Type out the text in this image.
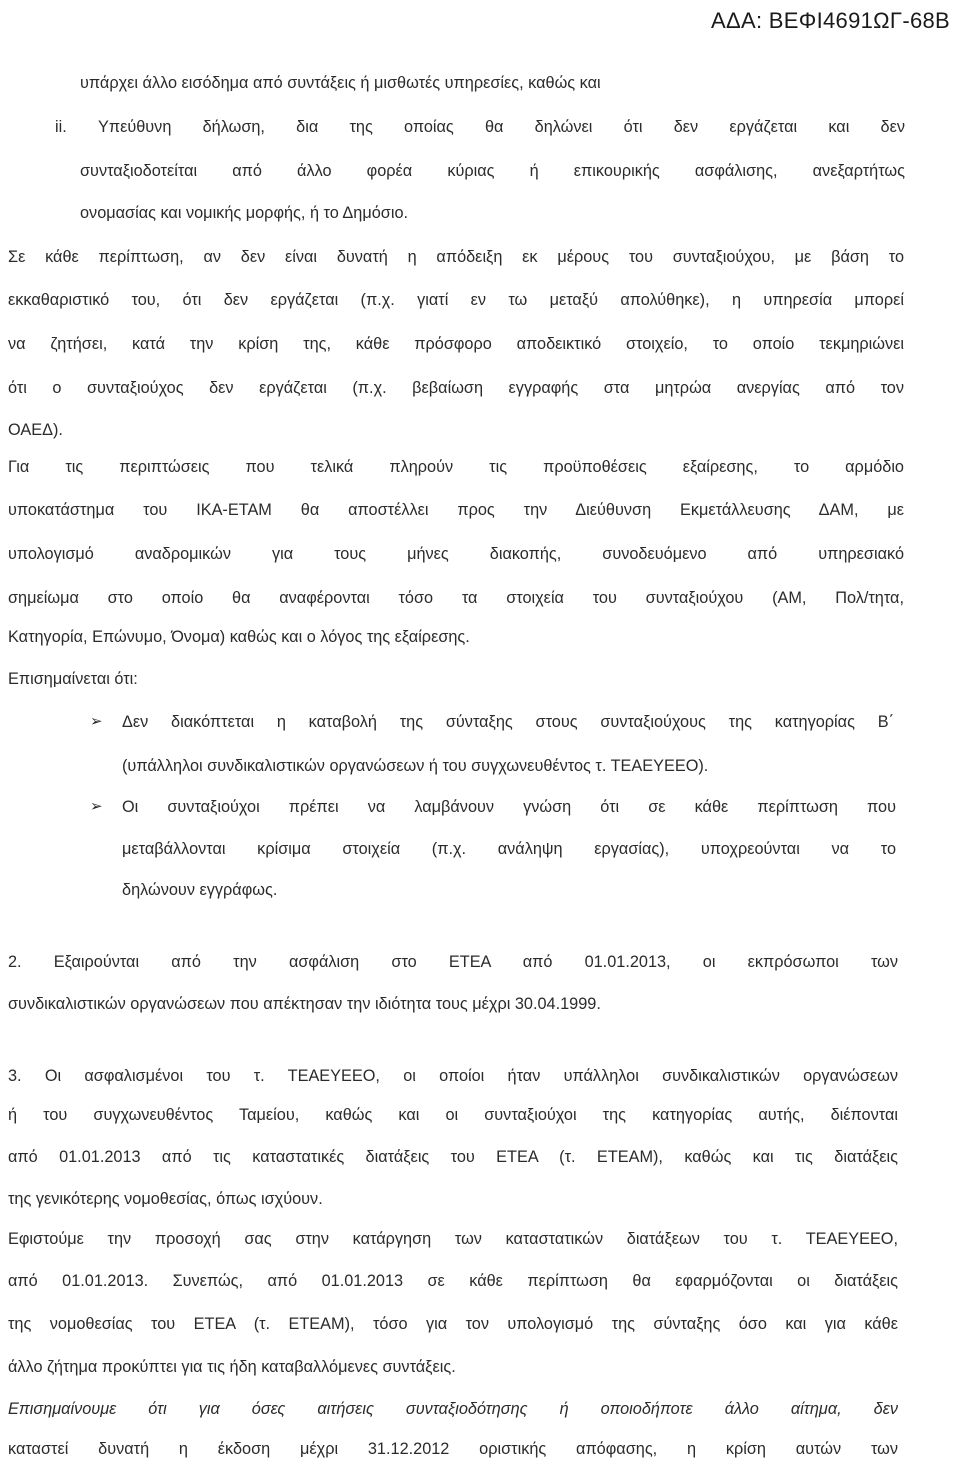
ΑΔΑ: ΒΕΦΙ4691ΩΓ-68Β
υπάρχει άλλο εισόδημα από συντάξεις ή μισθωτές υπηρεσίες, καθώς και
ii. Υπεύθυνη δήλωση, δια της οποίας θα δηλώνει ότι δεν εργάζεται και δεν
συνταξιοδοτείται από άλλο φορέα κύριας ή επικουρικής ασφάλισης, ανεξαρτήτως
ονομασίας και νομικής μορφής, ή το Δημόσιο.
Σε κάθε περίπτωση, αν δεν είναι δυνατή η απόδειξη εκ μέρους του συνταξιούχου, με βάση το
εκκαθαριστικό του, ότι δεν εργάζεται (π.χ. γιατί εν τω μεταξύ απολύθηκε), η υπηρεσία μπορεί
να ζητήσει, κατά την κρίση της, κάθε πρόσφορο αποδεικτικό στοιχείο, το οποίο τεκμηριώνει
ότι ο συνταξιούχος δεν εργάζεται (π.χ. βεβαίωση εγγραφής στα μητρώα ανεργίας από τον
ΟΑΕΔ).
Για τις περιπτώσεις που τελικά πληρούν τις προϋποθέσεις εξαίρεσης, το αρμόδιο
υποκατάστημα του ΙΚΑ-ΕΤΑΜ θα αποστέλλει προς την Διεύθυνση Εκμετάλλευσης ΔΑΜ, με
υπολογισμό αναδρομικών για τους μήνες διακοπής, συνοδευόμενο από υπηρεσιακό
σημείωμα στο οποίο θα αναφέρονται τόσο τα στοιχεία του συνταξιούχου (ΑΜ, Πολ/τητα,
Κατηγορία, Επώνυμο, Όνομα) καθώς και ο λόγος της εξαίρεσης.
Επισημαίνεται ότι:
➢ Δεν διακόπτεται η καταβολή της σύνταξης στους συνταξιούχους της κατηγορίας Β΄
(υπάλληλοι συνδικαλιστικών οργανώσεων ή του συγχωνευθέντος τ. ΤΕΑΕΥΕΕΟ).
➢ Οι συνταξιούχοι πρέπει να λαμβάνουν γνώση ότι σε κάθε περίπτωση που
μεταβάλλονται κρίσιμα στοιχεία (π.χ. ανάληψη εργασίας), υποχρεούνται να το
δηλώνουν εγγράφως.
2. Εξαιρούνται από την ασφάλιση στο ΕΤΕΑ από 01.01.2013, οι εκπρόσωποι των
συνδικαλιστικών οργανώσεων που απέκτησαν την ιδιότητα τους μέχρι 30.04.1999.
3. Οι ασφαλισμένοι του τ. ΤΕΑΕΥΕΕΟ, οι οποίοι ήταν υπάλληλοι συνδικαλιστικών οργανώσεων
ή του συγχωνευθέντος Ταμείου, καθώς και οι συνταξιούχοι της κατηγορίας αυτής, διέπονται
από 01.01.2013 από τις καταστατικές διατάξεις του ΕΤΕΑ (τ. ΕΤΕΑΜ), καθώς και τις διατάξεις
της γενικότερης νομοθεσίας, όπως ισχύουν.
Εφιστούμε την προσοχή σας στην κατάργηση των καταστατικών διατάξεων του τ. ΤΕΑΕΥΕΕΟ,
από 01.01.2013. Συνεπώς, από 01.01.2013 σε κάθε περίπτωση θα εφαρμόζονται οι διατάξεις
της νομοθεσίας του ΕΤΕΑ (τ. ΕΤΕΑΜ), τόσο για τον υπολογισμό της σύνταξης όσο και για κάθε
άλλο ζήτημα προκύπτει για τις ήδη καταβαλλόμενες συντάξεις.
Επισημαίνουμε ότι για όσες αιτήσεις συνταξιοδότησης ή οποιοδήποτε άλλο αίτημα, δεν
καταστεί δυνατή η έκδοση μέχρι 31.12.2012 οριστικής απόφασης, η κρίση αυτών των
